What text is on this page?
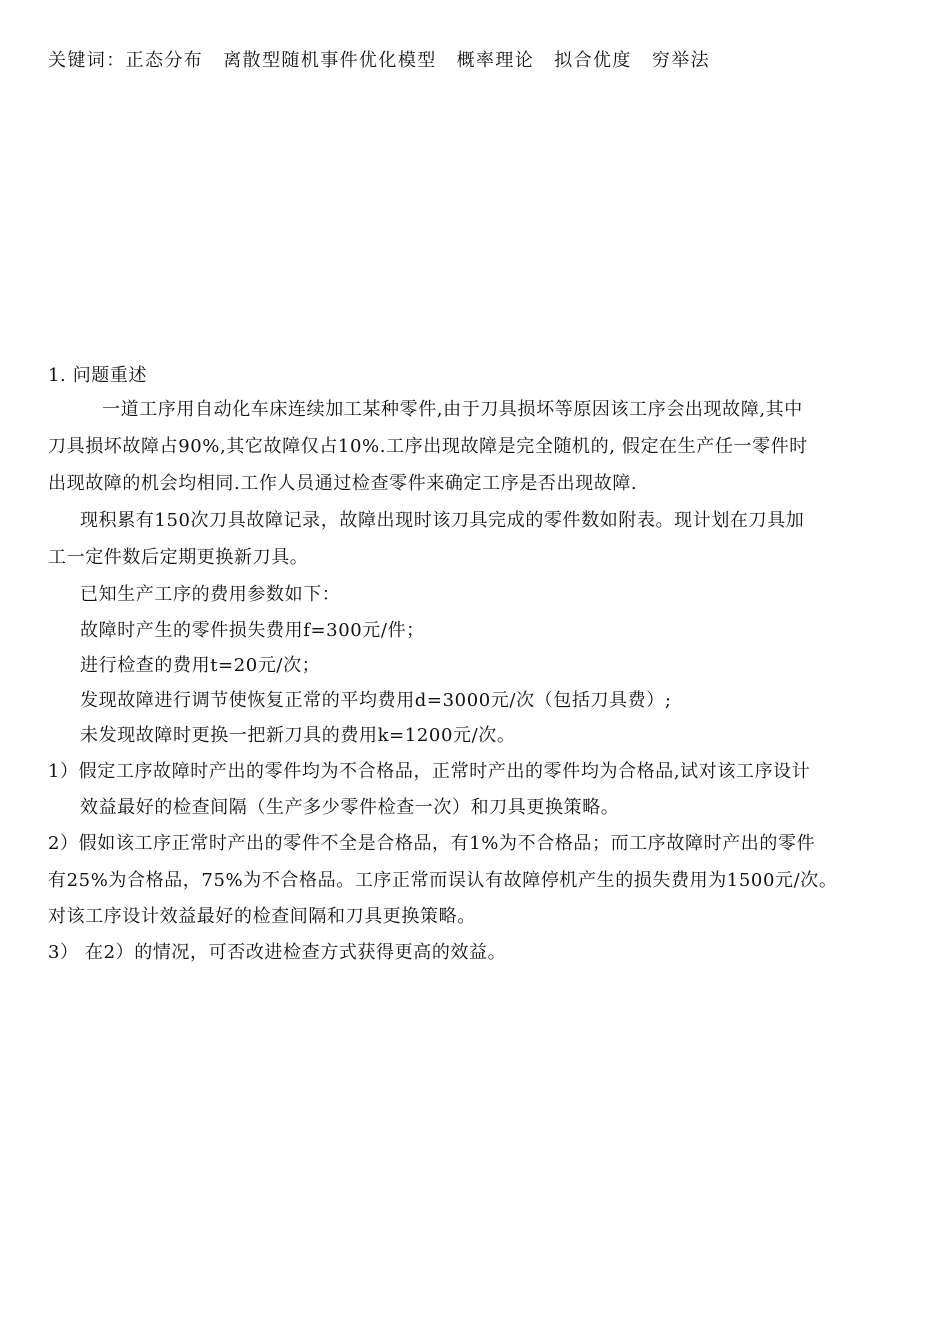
关键词：正态分布 离散型随机事件优化模型 概率理论 拟合优度 穷举法
1. 问题重述
一道工序用自动化车床连续加工某种零件,由于刀具损坏等原因该工序会出现故障,其中
刀具损坏故障占90%,其它故障仅占10%.工序出现故障是完全随机的, 假定在生产任一零件时
出现故障的机会均相同.工作人员通过检查零件来确定工序是否出现故障.
现积累有150次刀具故障记录，故障出现时该刀具完成的零件数如附表。现计划在刀具加
工一定件数后定期更换新刀具。
已知生产工序的费用参数如下：
故障时产生的零件损失费用f=300元/件；
进行检查的费用t=20元/次；
发现故障进行调节使恢复正常的平均费用d=3000元/次（包括刀具费）;
未发现故障时更换一把新刀具的费用k=1200元/次。
1）假定工序故障时产出的零件均为不合格品，正常时产出的零件均为合格品,试对该工序设计
效益最好的检查间隔（生产多少零件检查一次）和刀具更换策略。
2）假如该工序正常时产出的零件不全是合格品，有1%为不合格品；而工序故障时产出的零件
有25%为合格品，75%为不合格品。工序正常而误认有故障停机产生的损失费用为1500元/次。
对该工序设计效益最好的检查间隔和刀具更换策略。
3） 在2）的情况，可否改进检查方式获得更高的效益。
